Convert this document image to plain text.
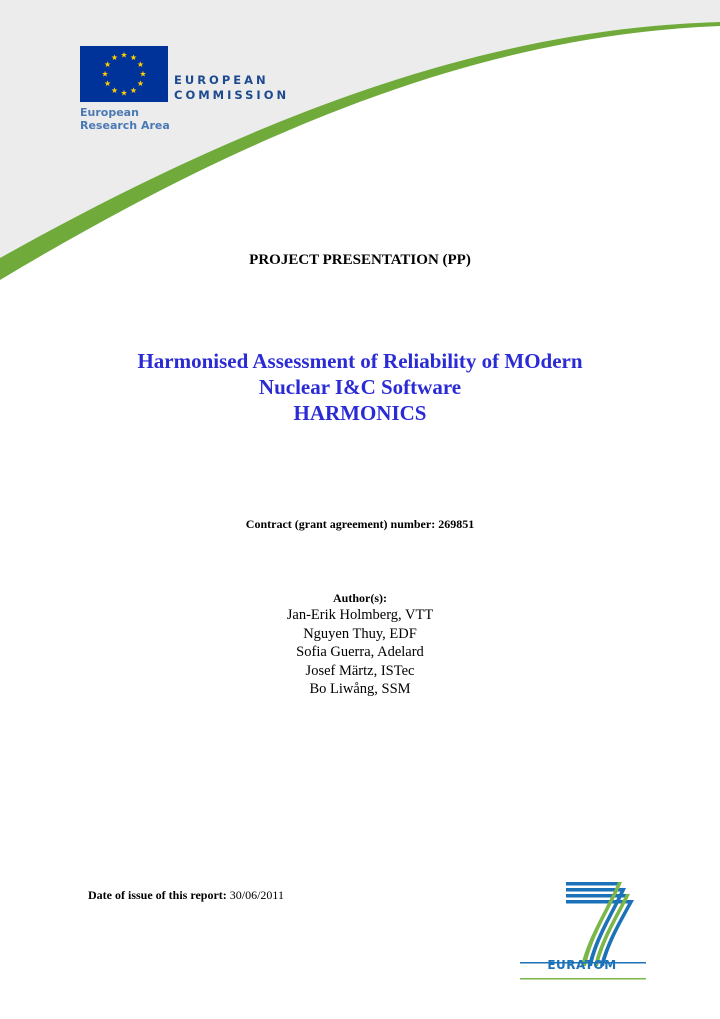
EUROPEAN
COMMISSION
European Research Area
PROJECT PRESENTATION (PP)
Harmonised Assessment of Reliability of MOdern
Nuclear I&C Software
HARMONICS
Contract (grant agreement) number: 269851
Author(s):
Jan-Erik Holmberg, VTT
Nguyen Thuy, EDF
Sofia Guerra, Adelard
Josef Märtz, ISTec
Bo Liwång, SSM
Date of issue of this report: 30/06/2011
EURATOM
